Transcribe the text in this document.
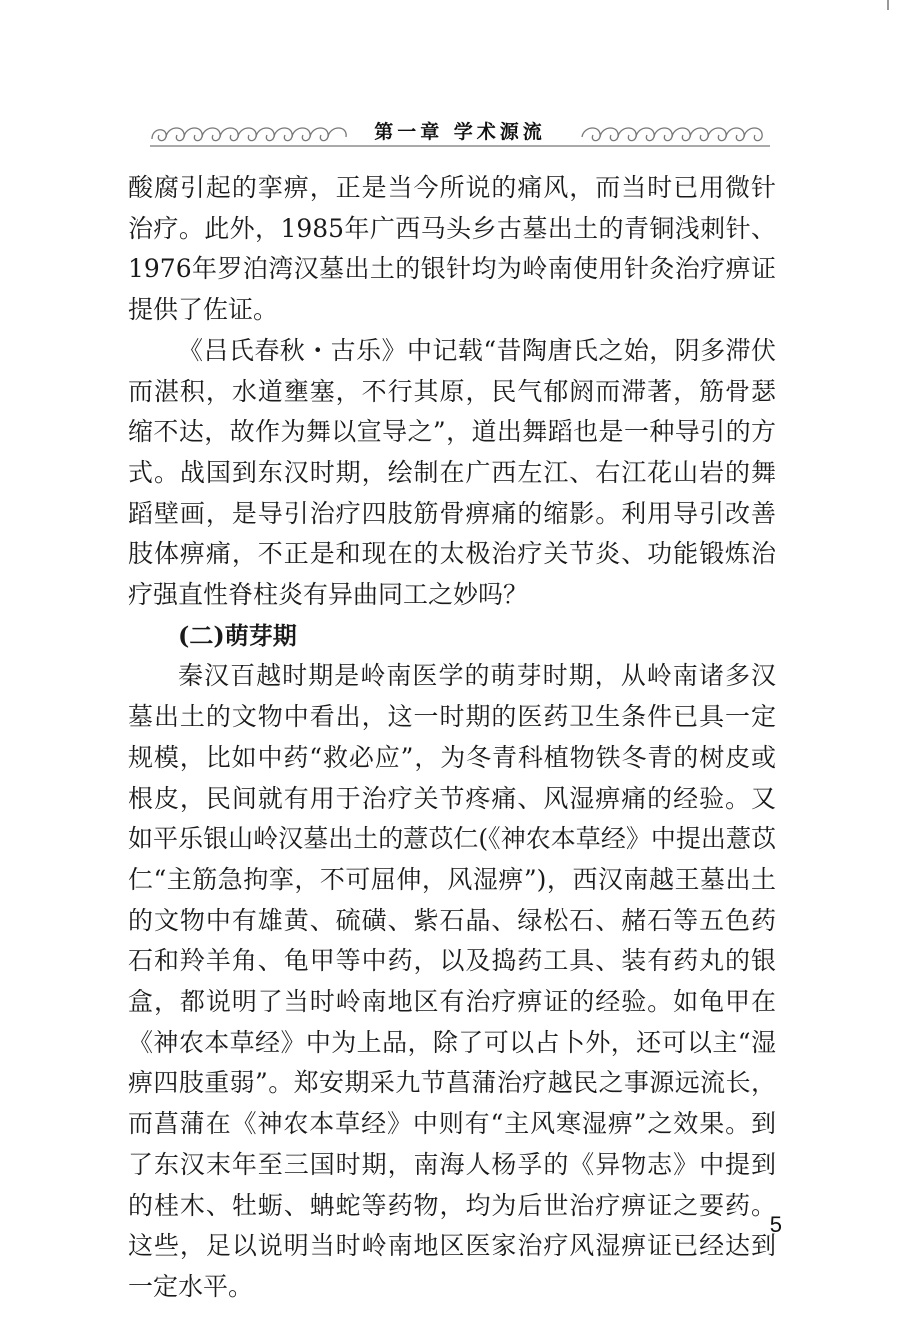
第一章 学术源流

酸腐引起的挛痹，正是当今所说的痛风，而当时已用微针治疗。此外，1985年广西马头乡古墓出土的青铜浅刺针、1976年罗泊湾汉墓出土的银针均为岭南使用针灸治疗痹证提供了佐证。

《吕氏春秋・古乐》中记载“昔陶唐氏之始，阴多滞伏而湛积，水道壅塞，不行其原，民气郁阏而滞著，筋骨瑟缩不达，故作为舞以宣导之”，道出舞蹈也是一种导引的方式。战国到东汉时期，绘制在广西左江、右江花山岩的舞蹈壁画，是导引治疗四肢筋骨痹痛的缩影。利用导引改善肢体痹痛，不正是和现在的太极治疗关节炎、功能锻炼治疗强直性脊柱炎有异曲同工之妙吗？

(二)萌芽期

秦汉百越时期是岭南医学的萌芽时期，从岭南诸多汉墓出土的文物中看出，这一时期的医药卫生条件已具一定规模，比如中药“救必应”，为冬青科植物铁冬青的树皮或根皮，民间就有用于治疗关节疼痛、风湿痹痛的经验。又如平乐银山岭汉墓出土的薏苡仁(《神农本草经》中提出薏苡仁“主筋急拘挛，不可屈伸，风湿痹”)，西汉南越王墓出土的文物中有雄黄、硫磺、紫石晶、绿松石、赭石等五色药石和羚羊角、龟甲等中药，以及捣药工具、装有药丸的银盒，都说明了当时岭南地区有治疗痹证的经验。如龟甲在《神农本草经》中为上品，除了可以占卜外，还可以主“湿痹四肢重弱”。郑安期采九节菖蒲治疗越民之事源远流长，而菖蒲在《神农本草经》中则有“主风寒湿痹”之效果。到了东汉末年至三国时期，南海人杨孚的《异物志》中提到的桂木、牡蛎、蚺蛇等药物，均为后世治疗痹证之要药。这些，足以说明当时岭南地区医家治疗风湿痹证已经达到一定水平。

5
